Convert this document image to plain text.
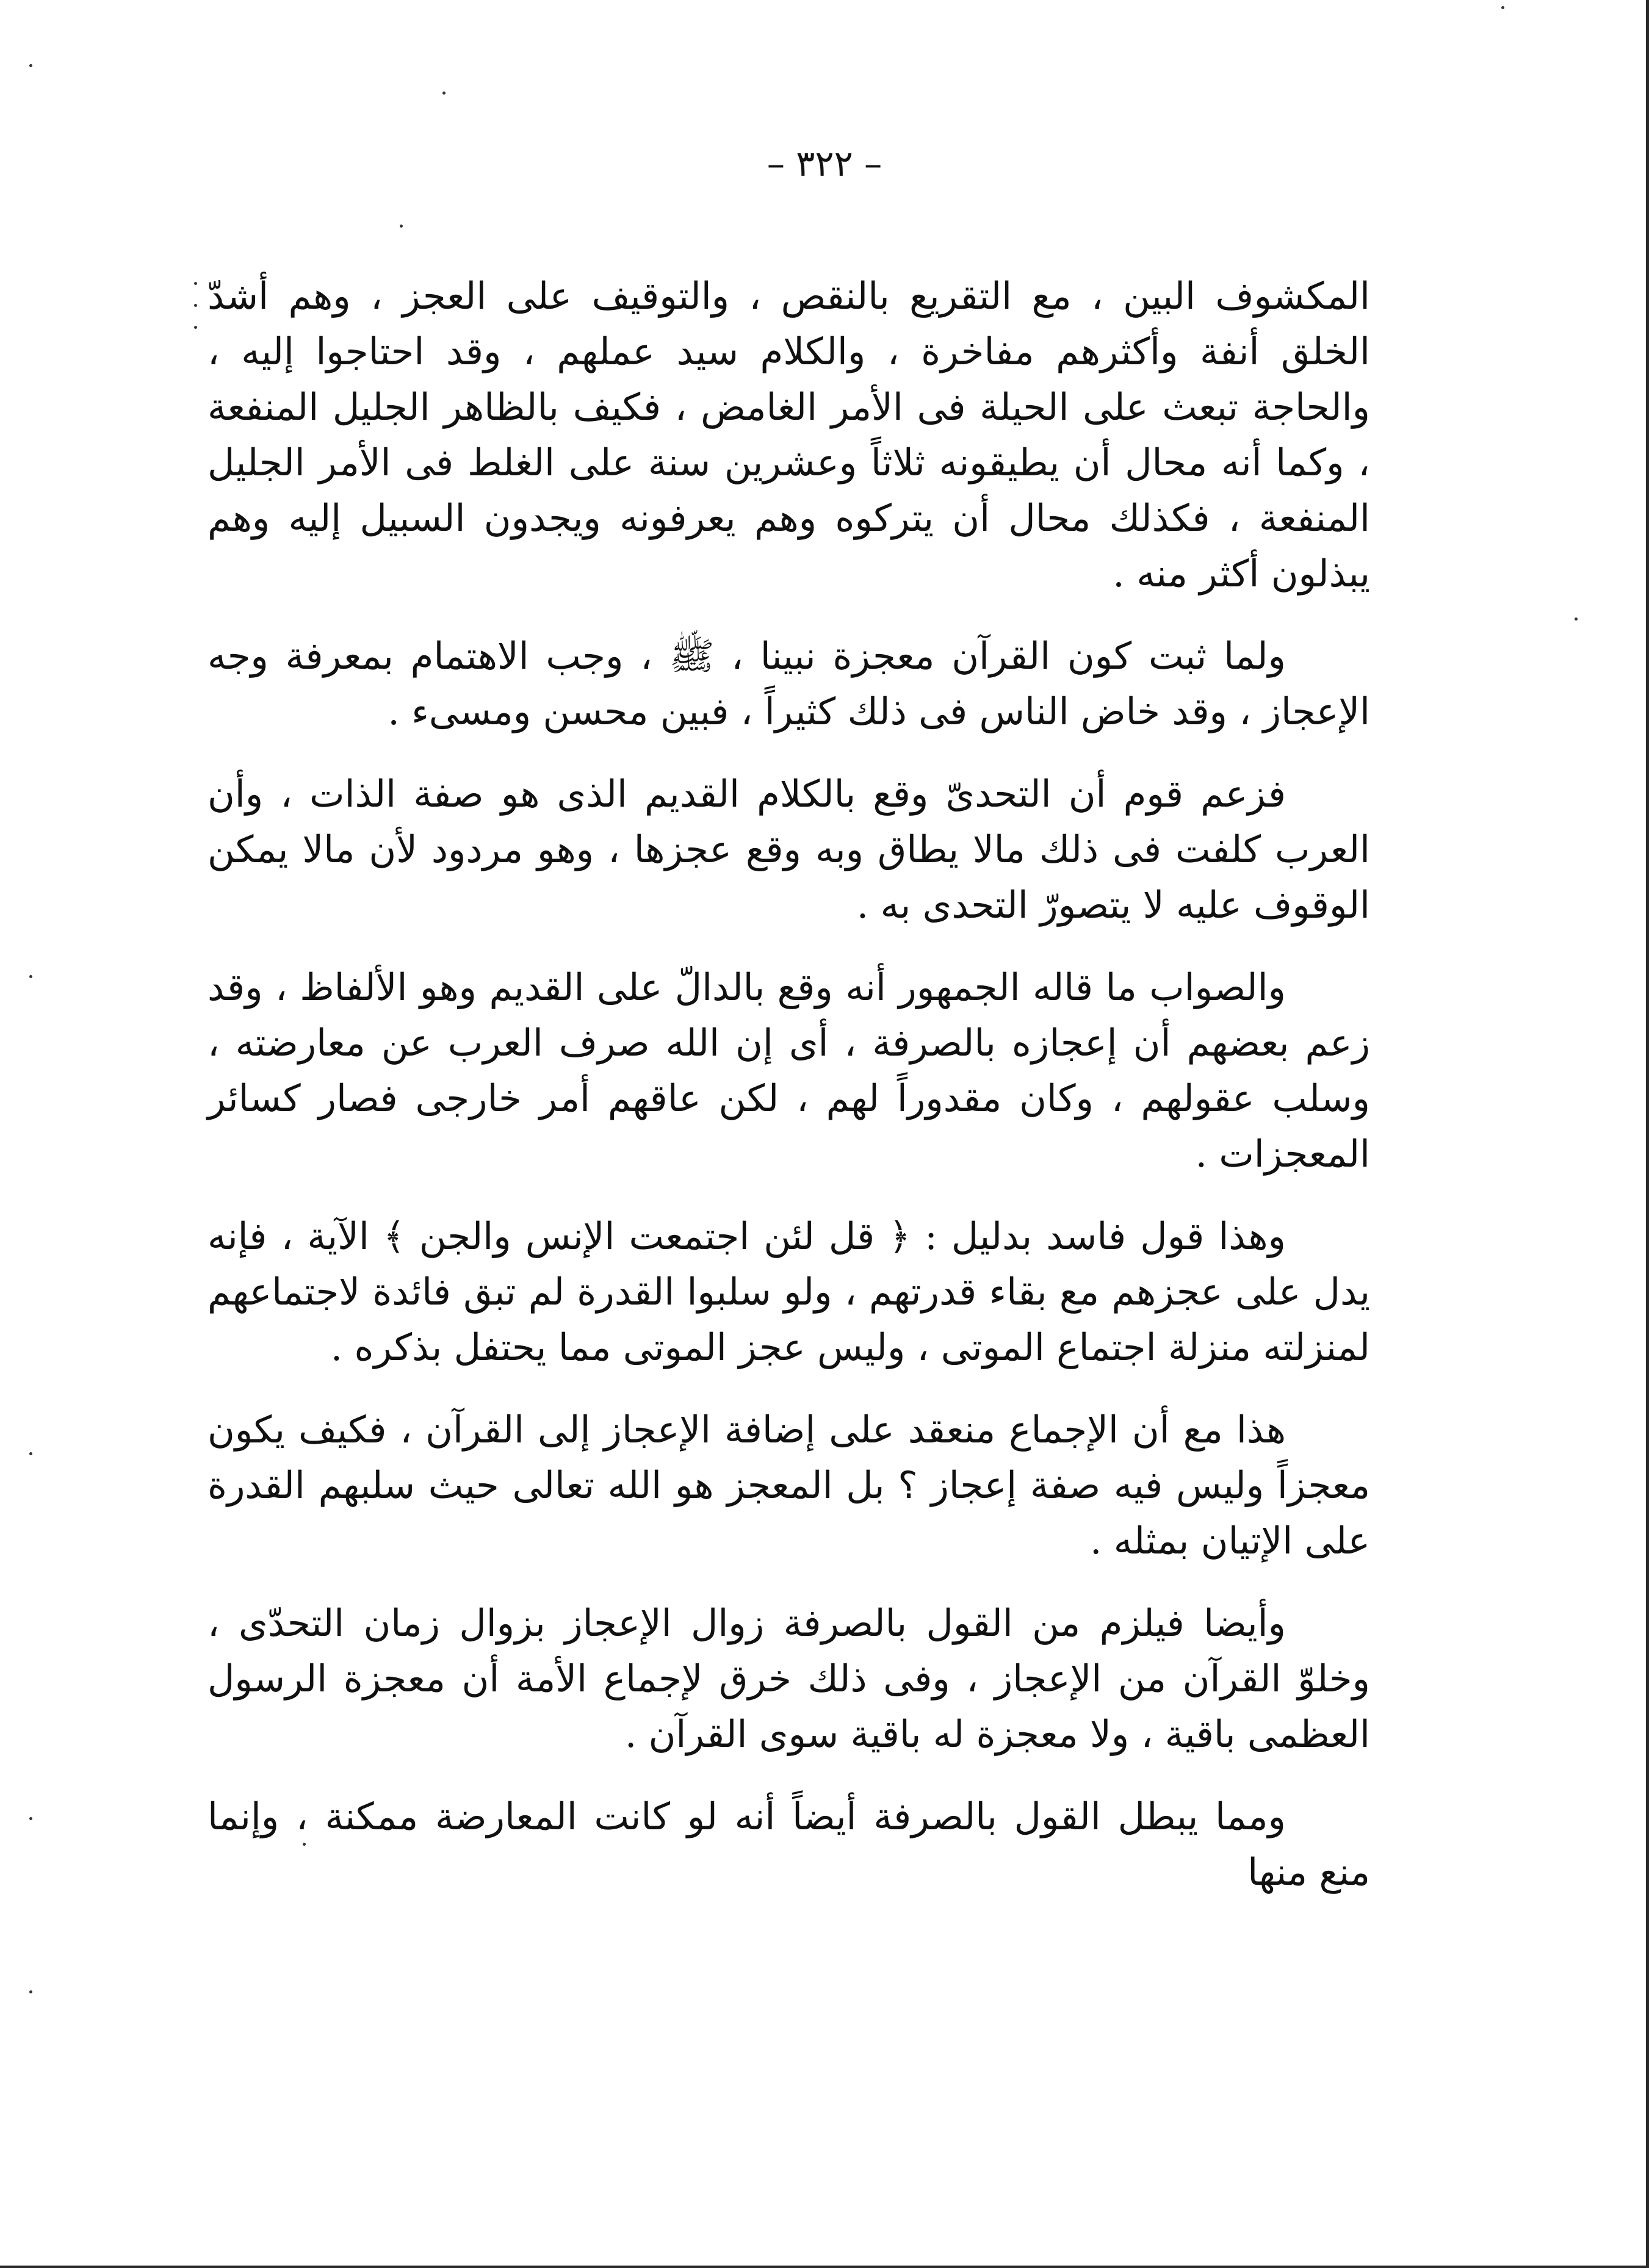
– ٣٢٢ –

المكشوف البين ، مع التقريع بالنقص ، والتوقيف على العجز ، وهم أشدّ الخلق أنفة وأكثرهم مفاخرة ، والكلام سيد عملهم ، وقد احتاجوا إليه ، والحاجة تبعث على الحيلة فى الأمر الغامض ، فكيف بالظاهر الجليل المنفعة ، وكما أنه محال أن يطيقونه ثلاثاً وعشرين سنة على الغلط فى الأمر الجليل المنفعة ، فكذلك محال أن يتركوه وهم يعرفونه ويجدون السبيل إليه وهم يبذلون أكثر منه .

ولما ثبت كون القرآن معجزة نبينا ، ﷺ ، وجب الاهتمام بمعرفة وجه الإعجاز ، وقد خاض الناس فى ذلك كثيراً ، فبين محسن ومسىء .

فزعم قوم أن التحدىّ وقع بالكلام القديم الذى هو صفة الذات ، وأن العرب كلفت فى ذلك مالا يطاق وبه وقع عجزها ، وهو مردود لأن مالا يمكن الوقوف عليه لا يتصورّ التحدى به .

والصواب ما قاله الجمهور أنه وقع بالدالّ على القديم وهو الألفاظ ، وقد زعم بعضهم أن إعجازه بالصرفة ، أى إن الله صرف العرب عن معارضته ، وسلب عقولهم ، وكان مقدوراً لهم ، لكن عاقهم أمر خارجى فصار كسائر المعجزات .

وهذا قول فاسد بدليل : ﴿ قل لئن اجتمعت الإنس والجن ﴾ الآية ، فإنه يدل على عجزهم مع بقاء قدرتهم ، ولو سلبوا القدرة لم تبق فائدة لاجتماعهم لمنزلته منزلة اجتماع الموتى ، وليس عجز الموتى مما يحتفل بذكره .

هذا مع أن الإجماع منعقد على إضافة الإعجاز إلى القرآن ، فكيف يكون معجزاً وليس فيه صفة إعجاز ؟ بل المعجز هو الله تعالى حيث سلبهم القدرة على الإتيان بمثله .

وأيضا فيلزم من القول بالصرفة زوال الإعجاز بزوال زمان التحدّى ، وخلوّ القرآن من الإعجاز ، وفى ذلك خرق لإجماع الأمة أن معجزة الرسول العظمى باقية ، ولا معجزة له باقية سوى القرآن .

ومما يبطل القول بالصرفة أيضاً أنه لو كانت المعارضة ممكنة ، وإنما منع منها
